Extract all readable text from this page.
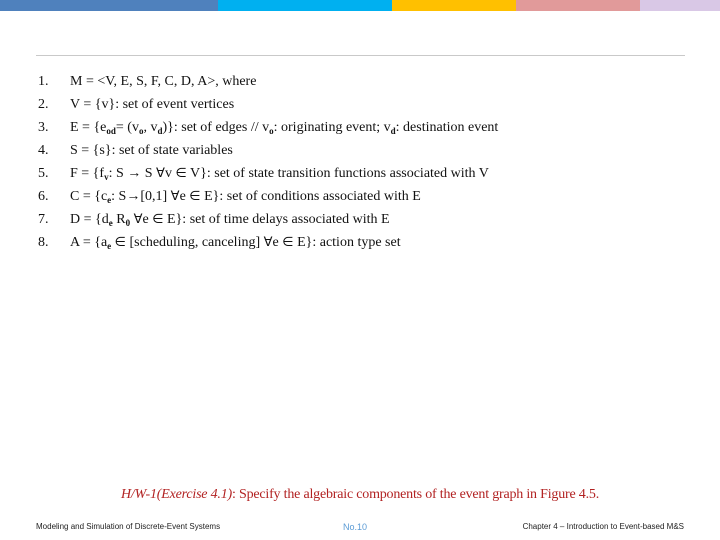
1.	M = <V, E, S, F, C, D, A>, where
2.	V = {v}: set of event vertices
3.	$E = \{e_{od}= (v_o$, $v_d$)}: set of edges // $v_o$: originating event; $v_d$: destination event
4.	S = {s}: set of state variables
5.	$F = \{f_v$: S → S ∀v ∈ V}: set of state transition functions associated with V
6.	$C = \{c_e$: S→[0,1] ∀e ∈ E}: set of conditions associated with E
7.	$D = \{d_e$ $R_0$ ∀e ∈ E}: set of time delays associated with E
8.	$A = \{a_e$ ∈ [scheduling, canceling] ∀e ∈ E}: action type set
H/W-1(Exercise 4.1): Specify the algebraic components of the event graph in Figure 4.5.
Modeling and Simulation of Discrete-Event Systems	No.10	Chapter 4 – Introduction to Event-based M&S
